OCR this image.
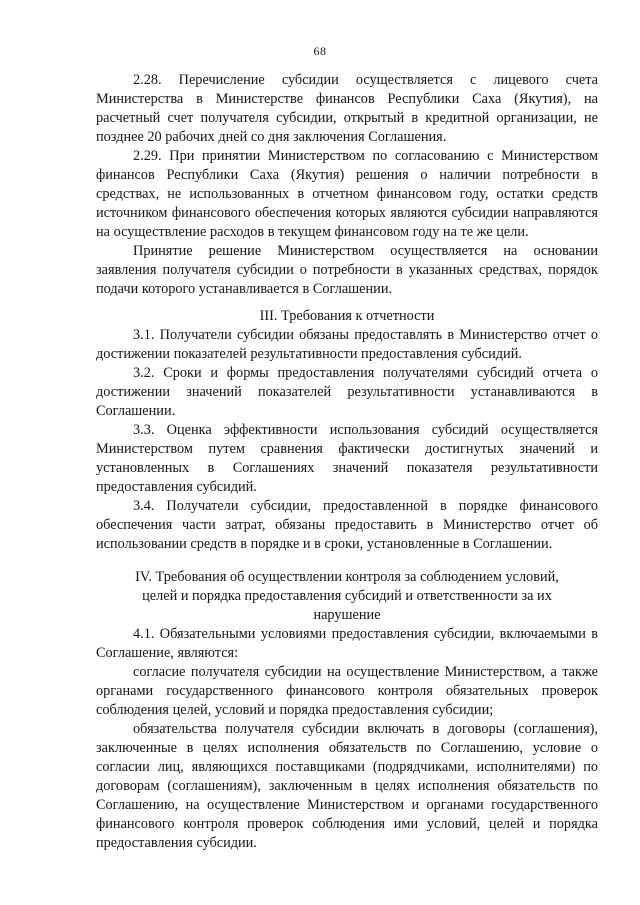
68

2.28. Перечисление субсидии осуществляется с лицевого счета Министерства в Министерстве финансов Республики Саха (Якутия), на расчетный счет получателя субсидии, открытый в кредитной организации, не позднее 20 рабочих дней со дня заключения Соглашения.

2.29. При принятии Министерством по согласованию с Министерством финансов Республики Саха (Якутия) решения о наличии потребности в средствах, не использованных в отчетном финансовом году, остатки средств источником финансового обеспечения которых являются субсидии направляются на осуществление расходов в текущем финансовом году на те же цели.

Принятие решение Министерством осуществляется на основании заявления получателя субсидии о потребности в указанных средствах, порядок подачи которого устанавливается в Соглашении.

III. Требования к отчетности

3.1. Получатели субсидии обязаны предоставлять в Министерство отчет о достижении показателей результативности предоставления субсидий.

3.2. Сроки и формы предоставления получателями субсидий отчета о достижении значений показателей результативности устанавливаются в Соглашении.

3.3. Оценка эффективности использования субсидий осуществляется Министерством путем сравнения фактически достигнутых значений и установленных в Соглашениях значений показателя результативности предоставления субсидий.

3.4. Получатели субсидии, предоставленной в порядке финансового обеспечения части затрат, обязаны предоставить в Министерство отчет об использовании средств в порядке и в сроки, установленные в Соглашении.

IV. Требования об осуществлении контроля за соблюдением условий,
целей и порядка предоставления субсидий и ответственности за их
нарушение

4.1. Обязательными условиями предоставления субсидии, включаемыми в Соглашение, являются:

согласие получателя субсидии на осуществление Министерством, а также органами государственного финансового контроля обязательных проверок соблюдения целей, условий и порядка предоставления субсидии;

обязательства получателя субсидии включать в договоры (соглашения), заключенные в целях исполнения обязательств по Соглашению, условие о согласии лиц, являющихся поставщиками (подрядчиками, исполнителями) по договорам (соглашениям), заключенным в целях исполнения обязательств по Соглашению, на осуществление Министерством и органами государственного финансового контроля проверок соблюдения ими условий, целей и порядка предоставления субсидии.
